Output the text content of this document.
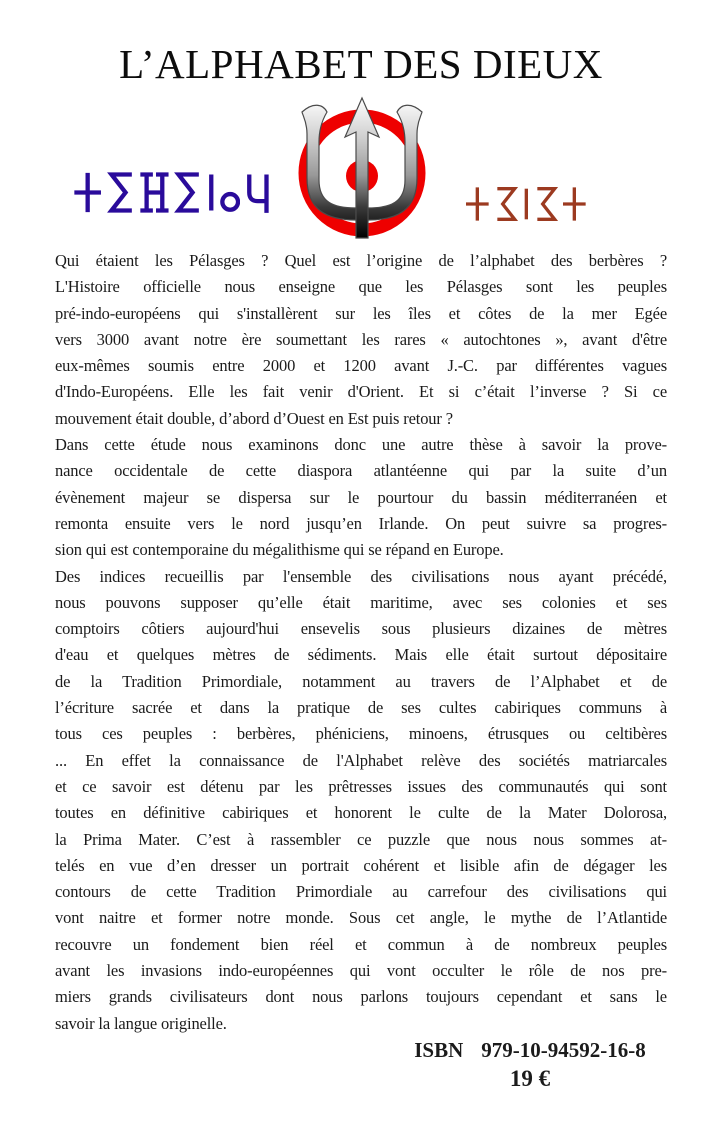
L’ALPHABET DES DIEUX
Qui étaient les Pélasges ? Quel est l’origine de l’alphabet des berbères ?
L'Histoire officielle nous enseigne que les Pélasges sont les peuples
pré-indo-européens qui s'installèrent sur les îles et côtes de la mer Egée
vers 3000 avant notre ère soumettant les rares « autochtones », avant d'être
eux-mêmes soumis entre 2000 et 1200 avant J.-C. par différentes vagues
d'Indo-Européens. Elle les fait venir d'Orient. Et si c’était l’inverse ? Si ce
mouvement était double, d’abord d’Ouest en Est puis retour ?
Dans cette étude nous examinons donc une autre thèse à savoir la prove-
nance occidentale de cette diaspora atlantéenne qui par la suite d’un
évènement majeur se dispersa sur le pourtour du bassin méditerranéen et
remonta ensuite vers le nord jusqu’en Irlande. On peut suivre sa progres-
sion qui est contemporaine du mégalithisme qui se répand en Europe.
Des indices recueillis par l'ensemble des civilisations nous ayant précédé,
nous pouvons supposer qu’elle était maritime, avec ses colonies et ses
comptoirs côtiers aujourd'hui ensevelis sous plusieurs dizaines de mètres
d'eau et quelques mètres de sédiments. Mais elle était surtout dépositaire
de la Tradition Primordiale, notamment au travers de l’Alphabet et de
l’écriture sacrée et dans la pratique de ses cultes cabiriques communs à
tous ces peuples : berbères, phéniciens, minoens, étrusques ou celtibères
... En effet la connaissance de l'Alphabet relève des sociétés matriarcales
et ce savoir est détenu par les prêtresses issues des communautés qui sont
toutes en définitive cabiriques et honorent le culte de la Mater Dolorosa,
la Prima Mater. C’est à rassembler ce puzzle que nous nous sommes at-
telés en vue d’en dresser un portrait cohérent et lisible afin de dégager les
contours de cette Tradition Primordiale au carrefour des civilisations qui
vont naitre et former notre monde. Sous cet angle, le mythe de l’Atlantide
recouvre un fondement bien réel et commun à de nombreux peuples
avant les invasions indo-européennes qui vont occulter le rôle de nos pre-
miers grands civilisateurs dont nous parlons toujours cependant et sans le
savoir la langue originelle.
ISBN 979-10-94592-16-8
19 €
